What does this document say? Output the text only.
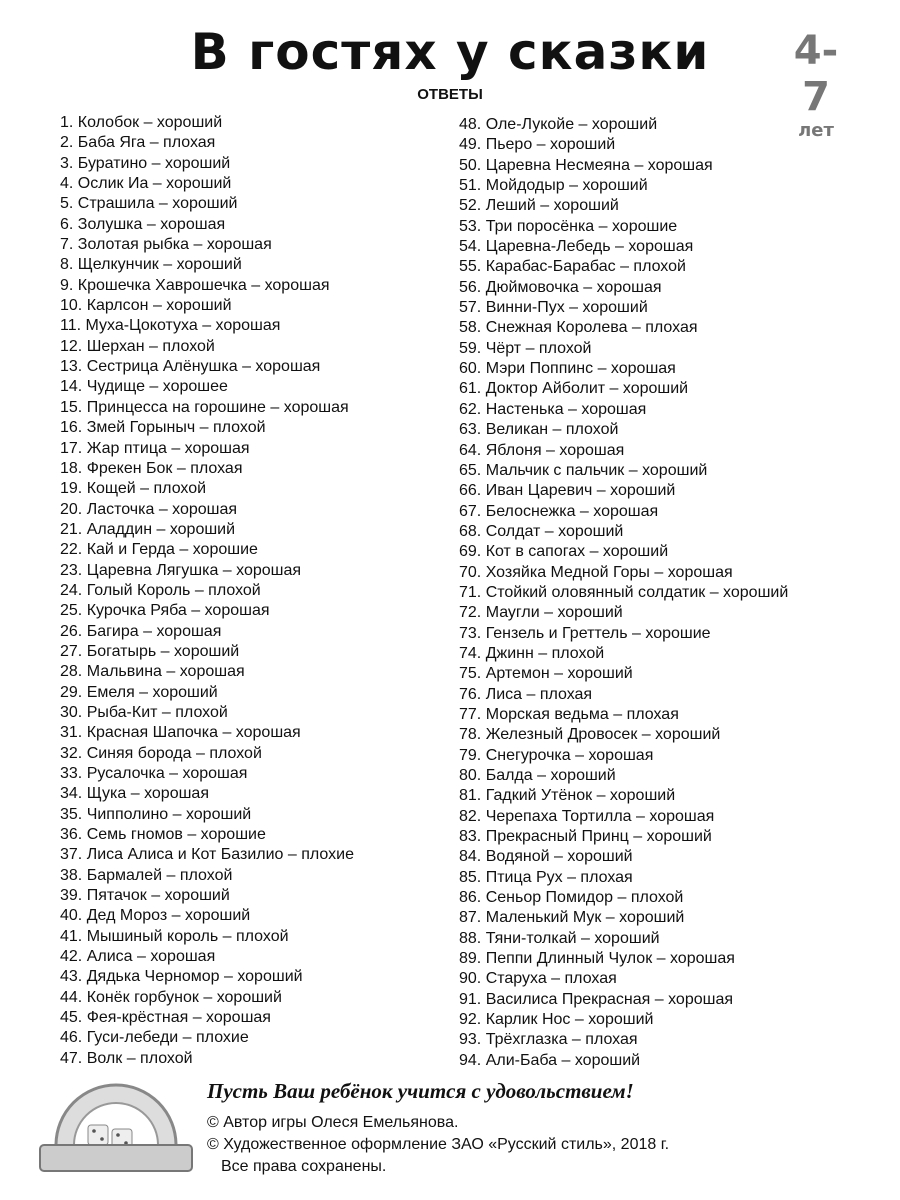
В гостях у сказки	4-7
лет
ОТВЕТЫ
1. Колобок – хороший
2. Баба Яга – плохая
3. Буратино – хороший
4. Ослик Иа – хороший
5. Страшила – хороший
6. Золушка – хорошая
7. Золотая рыбка – хорошая
8. Щелкунчик – хороший
9. Крошечка Хаврошечка – хорошая
10. Карлсон – хороший
11. Муха-Цокотуха – хорошая
12. Шерхан – плохой
13. Сестрица Алёнушка – хорошая
14. Чудище – хорошее
15. Принцесса на горошине – хорошая
16. Змей Горыныч – плохой
17. Жар птица – хорошая
18. Фрекен Бок – плохая
19. Кощей – плохой
20. Ласточка – хорошая
21. Аладдин – хороший
22. Кай и Герда – хорошие
23. Царевна Лягушка – хорошая
24. Голый Король – плохой
25. Курочка Ряба – хорошая
26. Багира – хорошая
27. Богатырь – хороший
28. Мальвина – хорошая
29. Емеля – хороший
30. Рыба-Кит – плохой
31. Красная Шапочка – хорошая
32. Синяя борода – плохой
33. Русалочка – хорошая
34. Щука – хорошая
35. Чипполино – хороший
36. Семь гномов – хорошие
37. Лиса Алиса и Кот Базилио – плохие
38. Бармалей – плохой
39. Пятачок – хороший
40. Дед Мороз – хороший
41. Мышиный король – плохой
42. Алиса – хорошая
43. Дядька Черномор – хороший
44. Конёк горбунок – хороший
45. Фея-крёстная – хорошая
46. Гуси-лебеди – плохие
47. Волк – плохой
48. Оле-Лукойе – хороший
49. Пьеро – хороший
50. Царевна Несмеяна – хорошая
51. Мойдодыр – хороший
52. Леший – хороший
53. Три поросёнка – хорошие
54. Царевна-Лебедь – хорошая
55. Карабас-Барабас – плохой
56. Дюймовочка – хорошая
57. Винни-Пух – хороший
58. Снежная Королева – плохая
59. Чёрт – плохой
60. Мэри Поппинс – хорошая
61. Доктор Айболит – хороший
62. Настенька – хорошая
63. Великан – плохой
64. Яблоня – хорошая
65. Мальчик с пальчик – хороший
66. Иван Царевич – хороший
67. Белоснежка – хорошая
68. Солдат – хороший
69. Кот в сапогах – хороший
70. Хозяйка Медной Горы – хорошая
71. Стойкий оловянный солдатик – хороший
72. Маугли – хороший
73. Гензель и Греттель – хорошие
74. Джинн – плохой
75. Артемон – хороший
76. Лиса – плохая
77. Морская ведьма – плохая
78. Железный Дровосек – хороший
79. Снегурочка – хорошая
80. Балда – хороший
81. Гадкий Утёнок – хороший
82. Черепаха Тортилла – хорошая
83. Прекрасный Принц – хороший
84. Водяной – хороший
85. Птица Рух – плохая
86. Сеньор Помидор – плохой
87. Маленький Мук – хороший
88. Тяни-толкай – хороший
89. Пеппи Длинный Чулок – хорошая
90. Старуха – плохая
91. Василиса Прекрасная – хорошая
92. Карлик Нос – хороший
93. Трёхглазка – плохая
94. Али-Баба – хороший
Пусть Ваш ребёнок учится с удовольствием!
© Автор игры Олеся Емельянова.
© Художественное оформление ЗАО «Русский стиль», 2018 г.
Все права сохранены.
